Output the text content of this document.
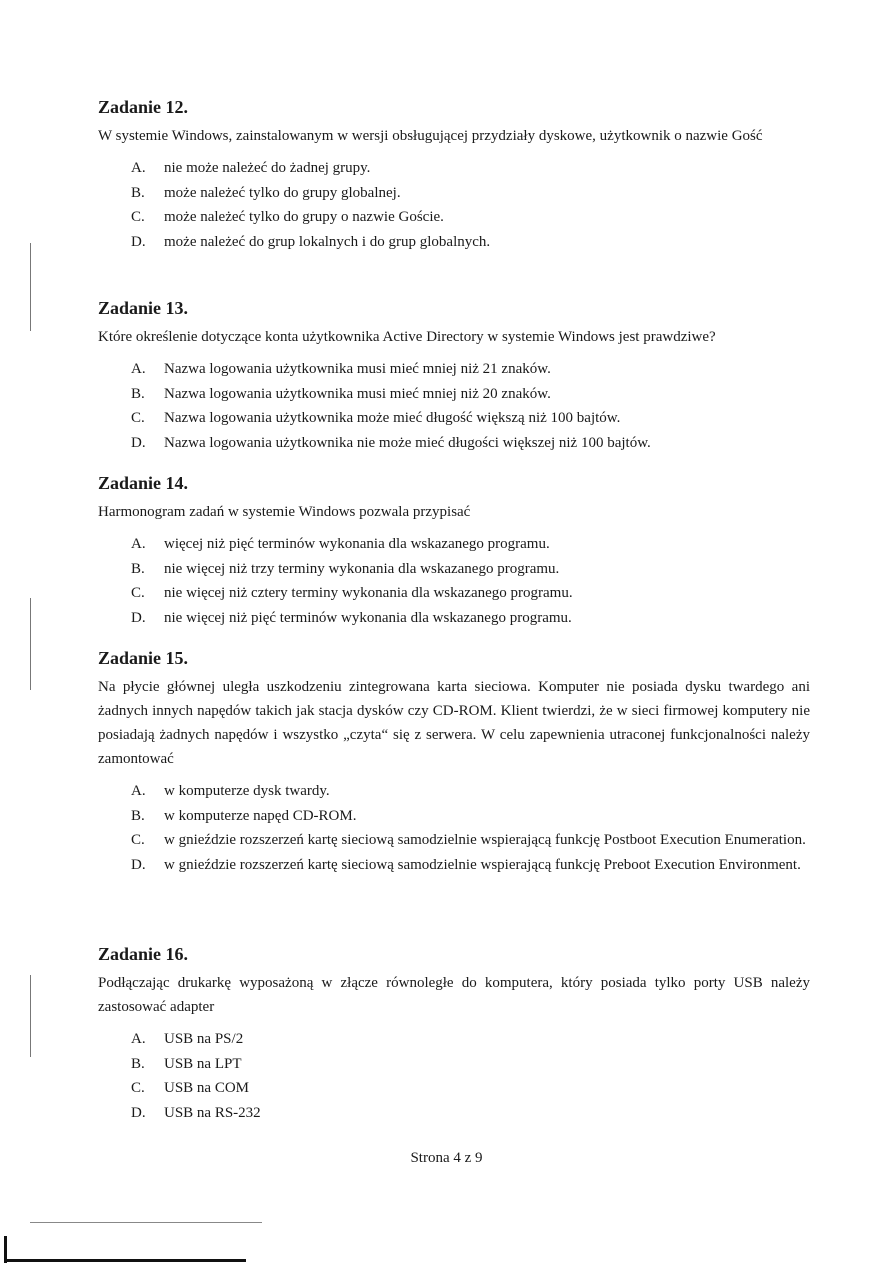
Zadanie 12.

W systemie Windows, zainstalowanym w wersji obsługującej przydziały dyskowe, użytkownik o nazwie Gość

A. nie może należeć do żadnej grupy.
B. może należeć tylko do grupy globalnej.
C. może należeć tylko do grupy o nazwie Goście.
D. może należeć do grup lokalnych i do grup globalnych.
Zadanie 13.

Które określenie dotyczące konta użytkownika Active Directory w systemie Windows jest prawdziwe?

A. Nazwa logowania użytkownika musi mieć mniej niż 21 znaków.
B. Nazwa logowania użytkownika musi mieć mniej niż 20 znaków.
C. Nazwa logowania użytkownika może mieć długość większą niż 100 bajtów.
D. Nazwa logowania użytkownika nie może mieć długości większej niż 100 bajtów.
Zadanie 14.

Harmonogram zadań w systemie Windows pozwala przypisać

A. więcej niż pięć terminów wykonania dla wskazanego programu.
B. nie więcej niż trzy terminy wykonania dla wskazanego programu.
C. nie więcej niż cztery terminy wykonania dla wskazanego programu.
D. nie więcej niż pięć terminów wykonania dla wskazanego programu.
Zadanie 15.

Na płycie głównej uległa uszkodzeniu zintegrowana karta sieciowa. Komputer nie posiada dysku twardego ani żadnych innych napędów takich jak stacja dysków czy CD-ROM. Klient twierdzi, że w sieci firmowej komputery nie posiadają żadnych napędów i wszystko „czyta“ się z serwera. W celu zapewnienia utraconej funkcjonalności należy zamontować

A. w komputerze dysk twardy.
B. w komputerze napęd CD-ROM.
C. w gnieździe rozszerzeń kartę sieciową samodzielnie wspierającą funkcję Postboot Execution Enumeration.
D. w gnieździe rozszerzeń kartę sieciową samodzielnie wspierającą funkcję Preboot Execution Environment.
Zadanie 16.

Podłączając drukarkę wyposażoną w złącze równoległe do komputera, który posiada tylko porty USB należy zastosować adapter

A. USB na PS/2
B. USB na LPT
C. USB na COM
D. USB na RS-232
Strona 4 z 9
